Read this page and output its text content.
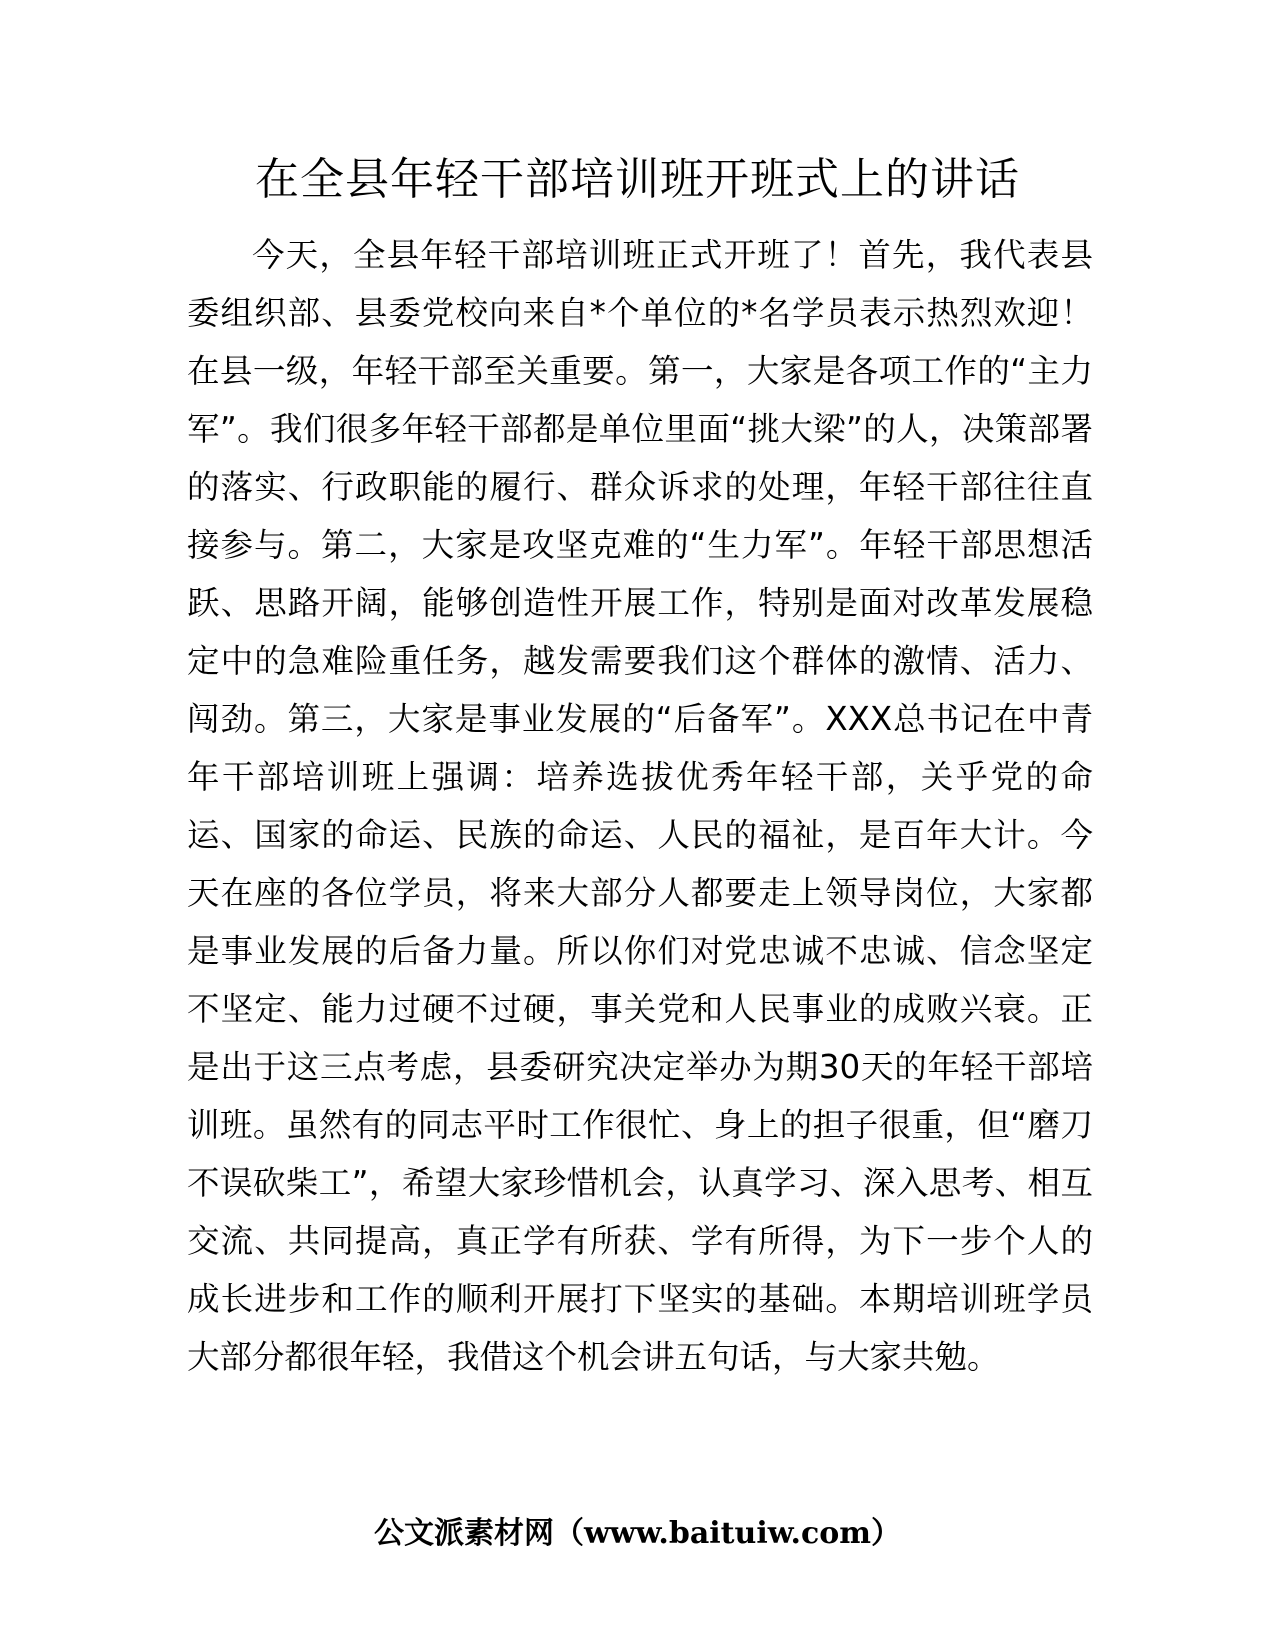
在全县年轻干部培训班开班式上的讲话

今天，全县年轻干部培训班正式开班了！首先，我代表县委组织部、县委党校向来自*个单位的*名学员表示热烈欢迎！在县一级，年轻干部至关重要。第一，大家是各项工作的“主力军”。我们很多年轻干部都是单位里面“挑大梁”的人，决策部署的落实、行政职能的履行、群众诉求的处理，年轻干部往往直接参与。第二，大家是攻坚克难的“生力军”。年轻干部思想活跃、思路开阔，能够创造性开展工作，特别是面对改革发展稳定中的急难险重任务，越发需要我们这个群体的激情、活力、闯劲。第三，大家是事业发展的“后备军”。XXX总书记在中青年干部培训班上强调：培养选拔优秀年轻干部，关乎党的命运、国家的命运、民族的命运、人民的福祉，是百年大计。今天在座的各位学员，将来大部分人都要走上领导岗位，大家都是事业发展的后备力量。所以你们对党忠诚不忠诚、信念坚定不坚定、能力过硬不过硬，事关党和人民事业的成败兴衰。正是出于这三点考虑，县委研究决定举办为期30天的年轻干部培训班。虽然有的同志平时工作很忙、身上的担子很重，但“磨刀不误砍柴工”，希望大家珍惜机会，认真学习、深入思考、相互交流、共同提高，真正学有所获、学有所得，为下一步个人的成长进步和工作的顺利开展打下坚实的基础。本期培训班学员大部分都很年轻，我借这个机会讲五句话，与大家共勉。

公文派素材网（www.baituiw.com）
